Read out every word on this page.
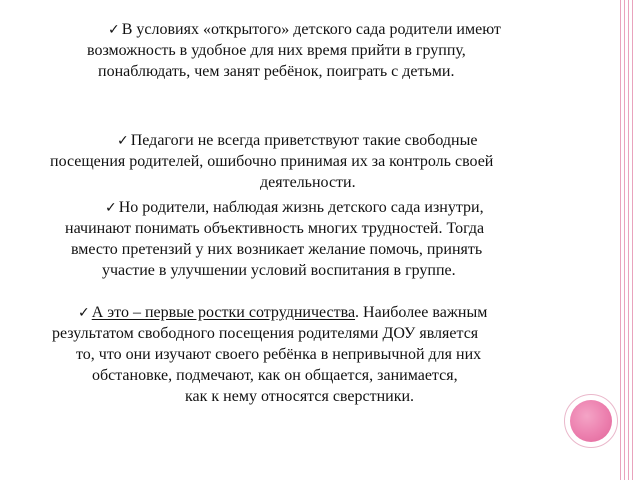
✓ В условиях «открытого» детского сада родители имеют
возможность в удобное для них время прийти в группу,
понаблюдать, чем занят ребёнок, поиграть с детьми.
✓ Педагоги не всегда приветствуют такие свободные
посещения родителей, ошибочно принимая их за контроль своей
деятельности.
✓ Но родители, наблюдая жизнь детского сада изнутри,
начинают понимать объективность многих трудностей. Тогда
вместо претензий у них возникает желание помочь, принять
участие в улучшении условий воспитания в группе.
✓ А это – первые ростки сотрудничества. Наиболее важным
результатом свободного посещения родителями ДОУ является
то, что они изучают своего ребёнка в непривычной для них
обстановке, подмечают, как он общается, занимается,
как к нему относятся сверстники.
